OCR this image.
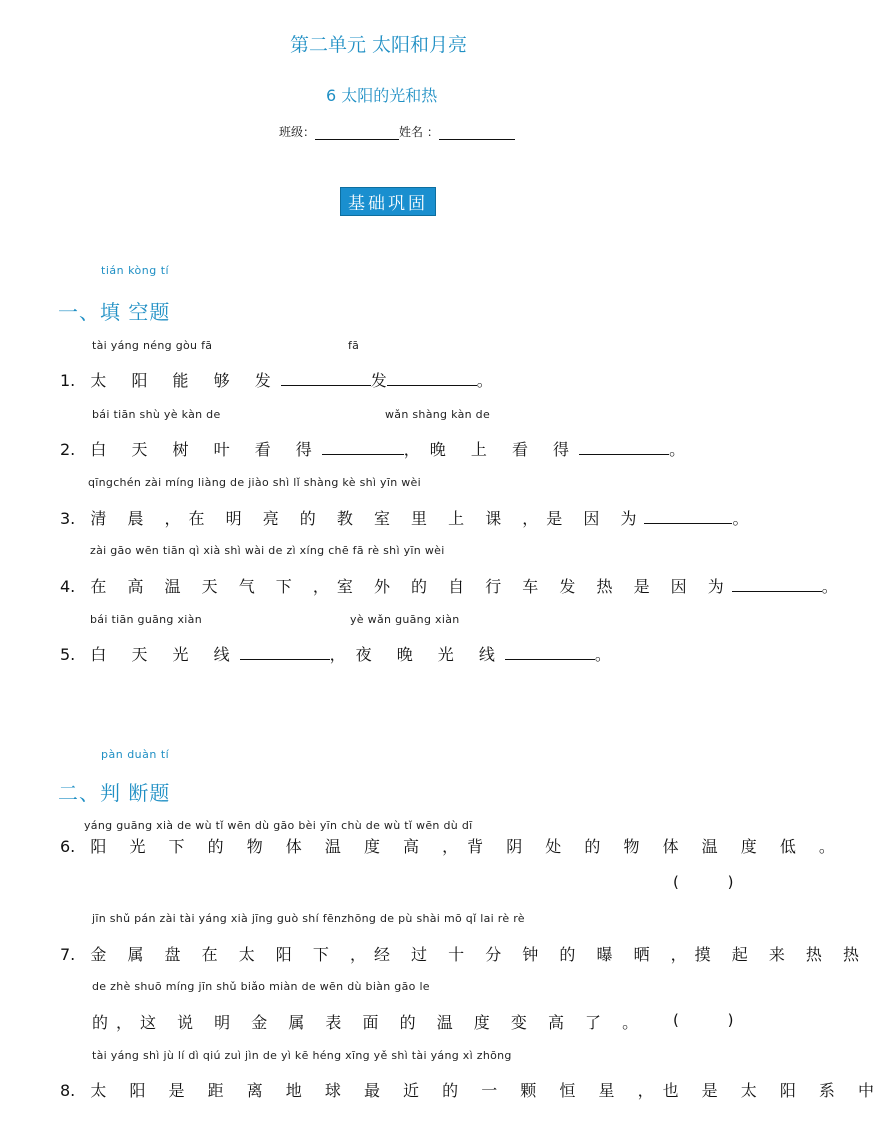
第二单元 太阳和月亮
6 太阳的光和热
班级：	姓名 ：
基础巩固
tián kòng tí
一、填 空题
tài yáng néng gòu fā	fā
1. 太 阳 能 够 发	发	。
bái tiān shù yè kàn de	wǎn shàng kàn de
2. 白 天 树 叶 看 得	，晚 上 看 得	。
qīngchén zài míng liàng de jiào shì lǐ shàng kè shì yīn wèi
3. 清 晨 ，在 明 亮 的 教 室 里 上 课 ，是 因 为	。
zài gāo wēn tiān qì xià shì wài de zì xíng chē fā rè shì yīn wèi
4. 在 高 温 天 气 下 ，室 外 的 自 行 车 发 热 是 因 为	。
bái tiān guāng xiàn	yè wǎn guāng xiàn
5. 白 天 光 线	，夜 晚 光 线	。
pàn duàn tí
二、判 断题
yáng guāng xià de wù tǐ wēn dù gāo bèi yīn chù de wù tǐ wēn dù dī
6. 阳 光 下 的 物 体 温 度 高 ，背 阴 处 的 物 体 温 度 低 。
( )
jīn shǔ pán zài tài yáng xià jīng guò shí fēnzhōng de pù shài mō qǐ lai rè rè
7. 金 属 盘 在 太 阳 下 ，经 过 十 分 钟 的 曝 晒 ，摸 起 来 热 热
de zhè shuō míng jīn shǔ biǎo miàn de wēn dù biàn gāo le
的，这 说 明 金 属 表 面 的 温 度 变 高 了 。 ( )
tài yáng shì jù lí dì qiú zuì jìn de yì kē héng xīng yě shì tài yáng xì zhōng
8. 太 阳 是 距 离 地 球 最 近 的 一 颗 恒 星 ，也 是 太 阳 系 中
